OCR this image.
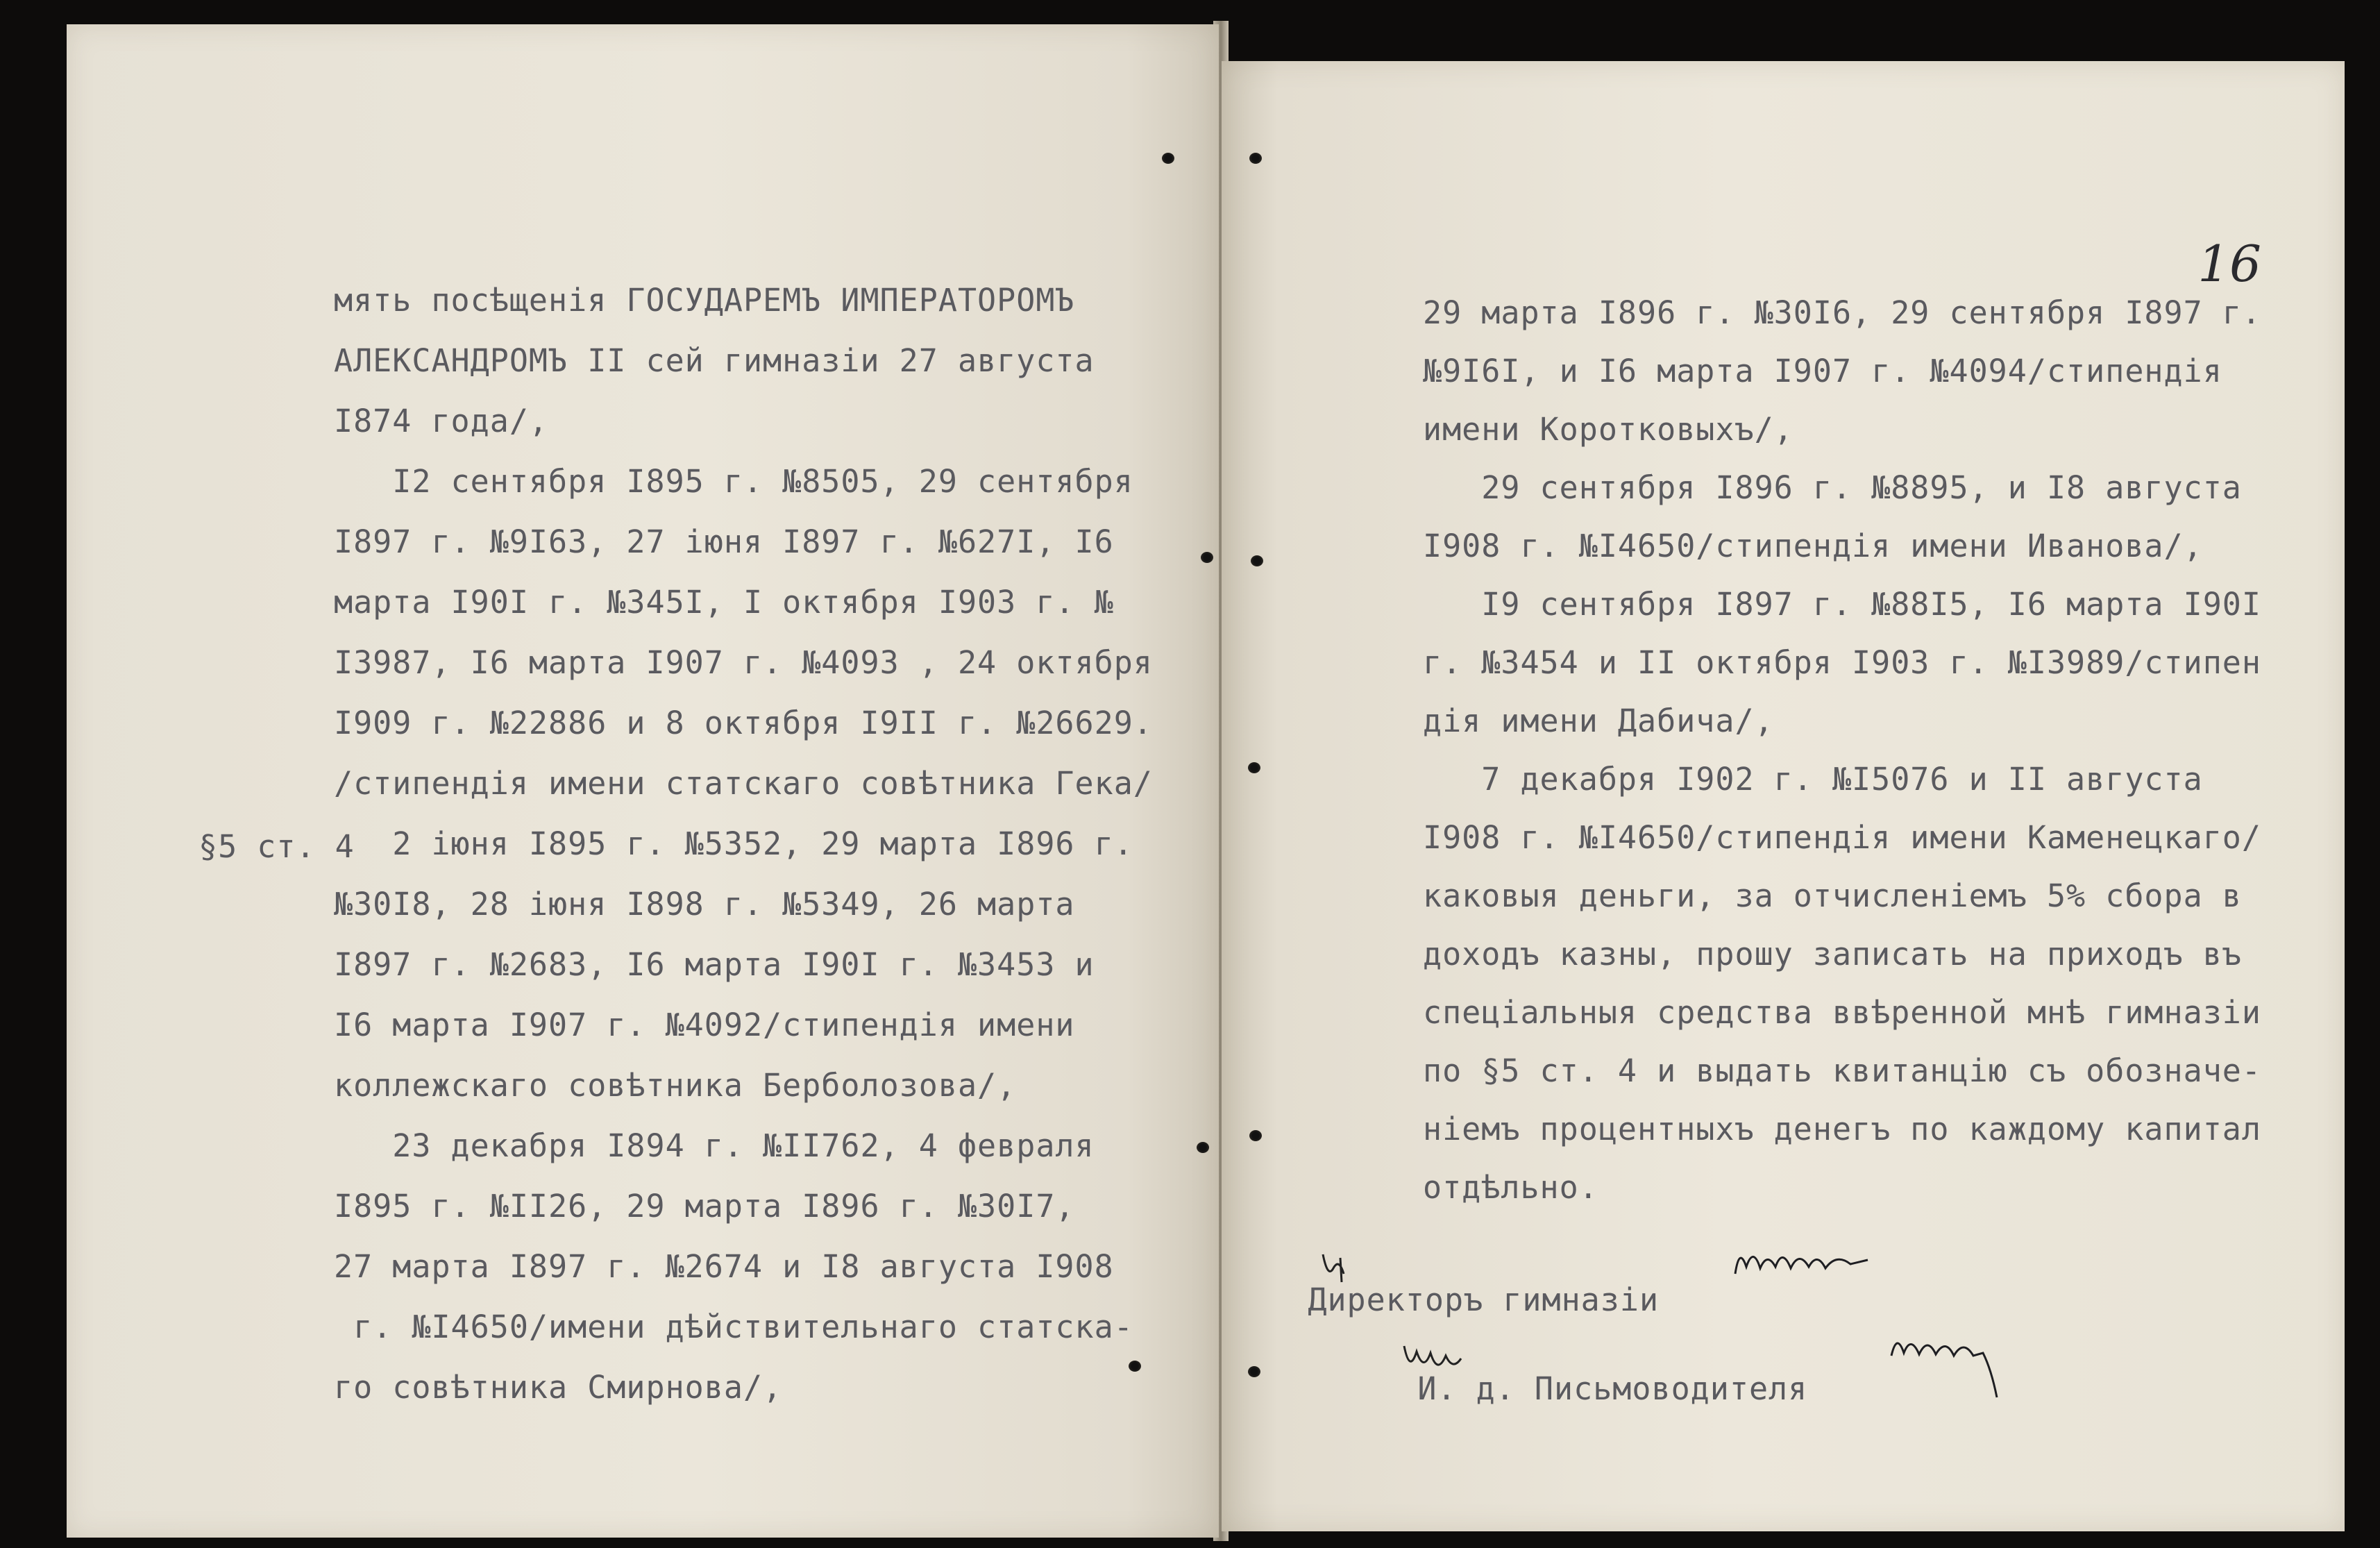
§5 ст. 4
мять посѣщенія ГОСУДАРЕМЪ ИМПЕРАТОРОМЪ
АЛЕКСАНДРОМЪ II сей гимназіи 27 августа
I874 года/,
I2 сентября I895 г. №8505, 29 сентября
I897 г. №9I63, 27 іюня I897 г. №627I, I6
марта I90I г. №345I, I октября I903 г. №
I3987, I6 марта I907 г. №4093 , 24 октября
I909 г. №22886 и 8 октября I9II г. №26629.
/стипендія имени статскаго совѣтника Гека/
2 іюня I895 г. №5352, 29 марта I896 г.
№30I8, 28 іюня I898 г. №5349, 26 марта
I897 г. №2683, I6 марта I90I г. №3453 и
I6 марта I907 г. №4092/стипендія имени
коллежскаго совѣтника Берболозова/,
23 декабря I894 г. №II762, 4 февраля
I895 г. №II26, 29 марта I896 г. №30I7,
27 марта I897 г. №2674 и I8 августа I908
г. №I4650/имени дѣйствительнаго статска-
го совѣтника Смирнова/,
16
29 марта I896 г. №30I6, 29 сентября I897 г.
№9I6I, и I6 марта I907 г. №4094/стипендія
имени Коротковыхъ/,
29 сентября I896 г. №8895, и I8 августа
I908 г. №I4650/стипендія имени Иванова/,
I9 сентября I897 г. №88I5, I6 марта I90I
г. №3454 и II октября I903 г. №I3989/стипен
дія имени Дабича/,
7 декабря I902 г. №I5076 и II августа
I908 г. №I4650/стипендія имени Каменецкаго/
каковыя деньги, за отчисленіемъ 5% сбора в
доходъ казны, прошу записать на приходъ въ
спеціальныя средства ввѣренной мнѣ гимназіи
по §5 ст. 4 и выдать квитанцію съ обозначе-
ніемъ процентныхъ денегъ по каждому капитал
отдѣльно.

Директоръ гимназіи

И. д. Письмоводителя
